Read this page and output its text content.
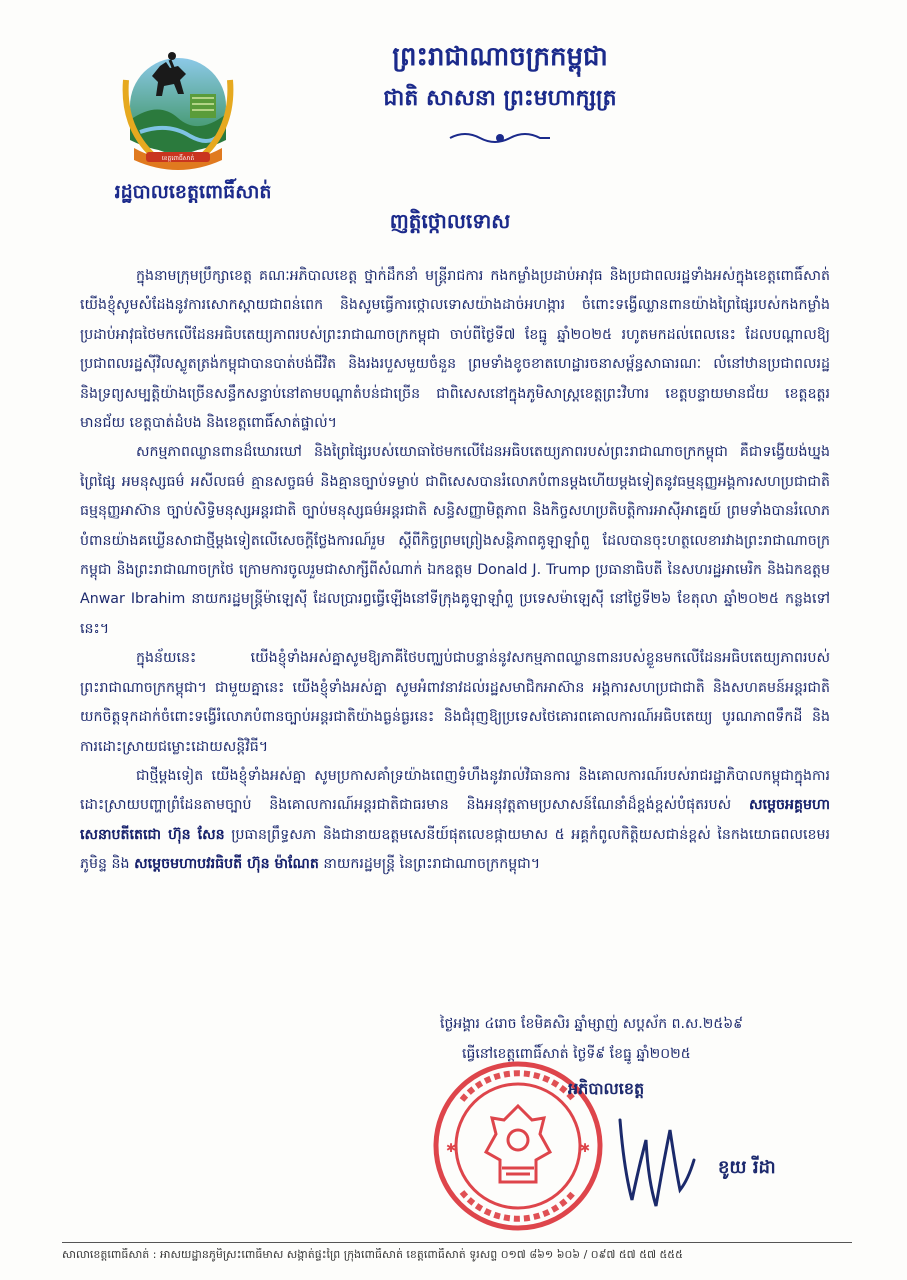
ខេត្តពោធិ៍សាត់
រដ្ឋបាលខេត្តពោធិ៍សាត់
ព្រះរាជាណាចក្រកម្ពុជា
ជាតិ សាសនា ព្រះមហាក្សត្រ
ញត្តិថ្កោលទោស

ក្នុងនាមក្រុមប្រឹក្សាខេត្ត គណៈអភិបាលខេត្ត ថ្នាក់ដឹកនាំ មន្ត្រីរាជការ កងកម្លាំងប្រដាប់អាវុធ និងប្រជាពលរដ្ឋទាំងអស់ក្នុងខេត្តពោធិ៍សាត់ យើងខ្ញុំសូមសំដែងនូវការសោកស្តាយជាពន់ពេក និងសូមធ្វើការថ្កោលទោសយ៉ាងដាច់អហង្ការ ចំពោះទង្វើឈ្លានពានយ៉ាងព្រៃផ្សៃរបស់កងកម្លាំងប្រដាប់អាវុធថៃមកលើដែនអធិបតេយ្យភាពរបស់ព្រះរាជាណាចក្រកម្ពុជា ចាប់ពីថ្ងៃទី៧ ខែធ្នូ ឆ្នាំ២០២៥ រហូតមកដល់ពេលនេះ ដែលបណ្តាលឱ្យប្រជាពលរដ្ឋស៊ីវិលស្លូតត្រង់កម្ពុជាបានបាត់បង់ជីវិត និងរងរបួសមួយចំនួន ព្រមទាំងខូចខាតហេដ្ឋារចនាសម្ព័ន្ធសាធារណៈ លំនៅឋានប្រជាពលរដ្ឋ និងទ្រព្យសម្បត្តិយ៉ាងច្រើនសន្ធឹកសន្ធាប់នៅតាមបណ្តាតំបន់ជាច្រើន ជាពិសេសនៅក្នុងភូមិសាស្ត្រខេត្តព្រះវិហារ ខេត្តបន្ទាយមានជ័យ ខេត្តឧត្តរមានជ័យ ខេត្តបាត់ដំបង និងខេត្តពោធិ៍សាត់ផ្ទាល់។

សកម្មភាពឈ្លានពានដ៏ឃោរឃៅ និងព្រៃផ្សៃរបស់យោធាថៃមកលើដែនអធិបតេយ្យភាពរបស់ព្រះរាជាណាចក្រកម្ពុជា គឺជាទង្វើយង់ឃ្នងព្រៃផ្សៃ អមនុស្សធម៌ អសីលធម៌ គ្មានសច្ចធម៌ និងគ្មានច្បាប់ទម្លាប់ ជាពិសេសបានរំលោភបំពានម្តងហើយម្តងទៀតនូវធម្មនុញ្ញអង្គការសហប្រជាជាតិ ធម្មនុញ្ញអាស៊ាន ច្បាប់សិទ្ធិមនុស្សអន្តរជាតិ ច្បាប់មនុស្សធម៌អន្តរជាតិ សន្ធិសញ្ញាមិត្តភាព និងកិច្ចសហប្រតិបត្តិការអាស៊ីអាគ្នេយ៍ ព្រមទាំងបានរំលោភបំពានយ៉ាងគឃ្លើនសាជាថ្មីម្តងទៀតលើសេចក្តីថ្លែងការណ៍រួម ស្តីពីកិច្ចព្រមព្រៀងសន្តិភាពគូឡាឡាំពួ ដែលបានចុះហត្ថលេខារវាងព្រះរាជាណាចក្រកម្ពុជា និងព្រះរាជាណាចក្រថៃ ក្រោមការចូលរួមជាសាក្សីពីសំណាក់ ឯកឧត្តម Donald J. Trump ប្រធានាធិបតី នៃសហរដ្ឋអាមេរិក និងឯកឧត្តម Anwar Ibrahim នាយករដ្ឋមន្ត្រីម៉ាឡេស៊ី ដែលប្រារព្ធធ្វើឡើងនៅទីក្រុងគូឡាឡាំពួ ប្រទេសម៉ាឡេស៊ី នៅថ្ងៃទី២៦ ខែតុលា ឆ្នាំ២០២៥ កន្លងទៅនេះ។

ក្នុងន័យនេះ យើងខ្ញុំទាំងអស់គ្នាសូមឱ្យភាគីថៃបញ្ឈប់ជាបន្ទាន់នូវសកម្មភាពឈ្លានពានរបស់ខ្លួនមកលើដែនអធិបតេយ្យភាពរបស់ព្រះរាជាណាចក្រកម្ពុជា។ ជាមួយគ្នានេះ យើងខ្ញុំទាំងអស់គ្នា សូមអំពាវនាវដល់រដ្ឋសមាជិកអាស៊ាន អង្គការសហប្រជាជាតិ និងសហគមន៍អន្តរជាតិ យកចិត្តទុកដាក់ចំពោះទង្វើរំលោភបំពានច្បាប់អន្តរជាតិយ៉ាងធ្ងន់ធ្ងរនេះ និងជំរុញឱ្យប្រទេសថៃគោរពគោលការណ៍អធិបតេយ្យ បូរណភាពទឹកដី និងការដោះស្រាយជម្លោះដោយសន្តិវិធី។

ជាថ្មីម្តងទៀត យើងខ្ញុំទាំងអស់គ្នា សូមប្រកាសគាំទ្រយ៉ាងពេញទំហឹងនូវរាល់វិធានការ និងគោលការណ៍របស់រាជរដ្ឋាភិបាលកម្ពុជាក្នុងការដោះស្រាយបញ្ហាព្រំដែនតាមច្បាប់ និងគោលការណ៍អន្តរជាតិជាធរមាន និងអនុវត្តតាមប្រសាសន៍ណែនាំដ៏ខ្ពង់ខ្ពស់បំផុតរបស់ សម្តេចអគ្គមហាសេនាបតីតេជោ ហ៊ុន សែន ប្រធានព្រឹទ្ធសភា និងជានាយឧត្តមសេនីយ៍ផុតលេខផ្កាយមាស ៥ អគ្គកំពូលកិត្តិយសជាន់ខ្ពស់ នៃកងយោធពលខេមរភូមិន្ទ និង សម្តេចមហាបវរធិបតី ហ៊ុន ម៉ាណែត នាយករដ្ឋមន្ត្រី នៃព្រះរាជាណាចក្រកម្ពុជា។

ថ្ងៃអង្គារ ៤រោច ខែមិគសិរ ឆ្នាំម្សាញ់ សប្តស័ក ព.ស.២៥៦៩
ធ្វើនៅខេត្តពោធិ៍សាត់ ថ្ងៃទី៩ ខែធ្នូ ឆ្នាំ២០២៥
✱	✱
អភិបាលខេត្ត
ខូយ រីដា
សាលាខេត្តពោធិ៍សាត់ : អាសយដ្ឋានភូមិស្រះពោធិ៍មាស សង្កាត់ផ្ទះព្រៃ ក្រុងពោធិ៍សាត់ ខេត្តពោធិ៍សាត់ ទូរសព្ទ ០១៧ ៨៦១ ៦០៦ / ០៩៧ ៥៧ ៥៧ ៥៥៥
